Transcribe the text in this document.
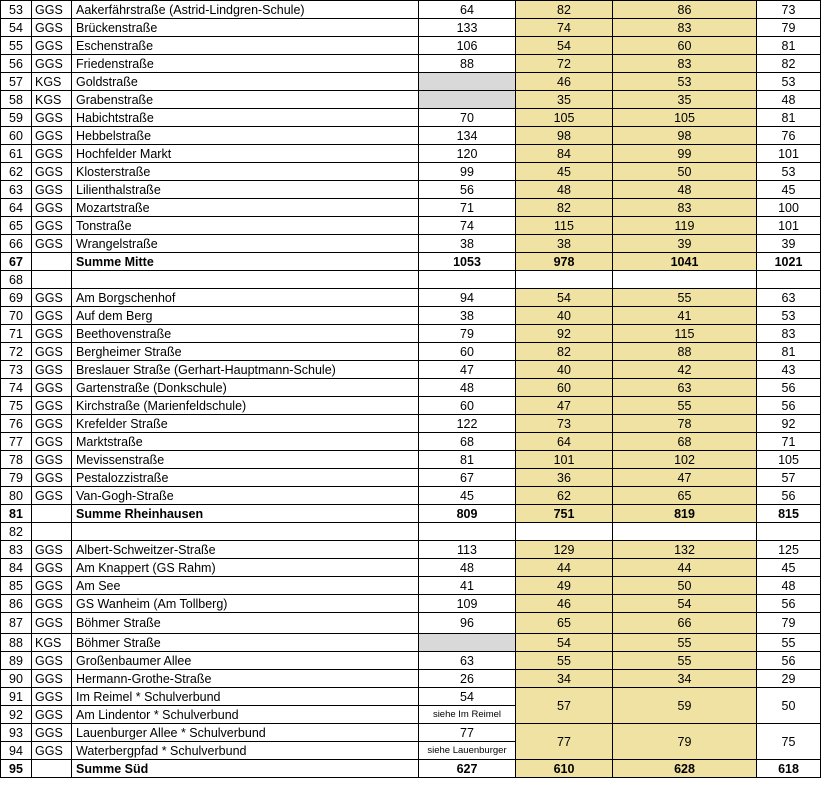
53	GGS	Aakerfährstraße (Astrid-Lindgren-Schule)	64	82	86	73
54	GGS	Brückenstraße	133	74	83	79
55	GGS	Eschenstraße	106	54	60	81
56	GGS	Friedenstraße	88	72	83	82
57	KGS	Goldstraße		46	53	53
58	KGS	Grabenstraße		35	35	48
59	GGS	Habichtstraße	70	105	105	81
60	GGS	Hebbelstraße	134	98	98	76
61	GGS	Hochfelder Markt	120	84	99	101
62	GGS	Klosterstraße	99	45	50	53
63	GGS	Lilienthalstraße	56	48	48	45
64	GGS	Mozartstraße	71	82	83	100
65	GGS	Tonstraße	74	115	119	101
66	GGS	Wrangelstraße	38	38	39	39
67		Summe Mitte	1053	978	1041	1021
68						
69	GGS	Am Borgschenhof	94	54	55	63
70	GGS	Auf dem Berg	38	40	41	53
71	GGS	Beethovenstraße	79	92	115	83
72	GGS	Bergheimer Straße	60	82	88	81
73	GGS	Breslauer Straße (Gerhart-Hauptmann-Schule)	47	40	42	43
74	GGS	Gartenstraße (Donkschule)	48	60	63	56
75	GGS	Kirchstraße (Marienfeldschule)	60	47	55	56
76	GGS	Krefelder Straße	122	73	78	92
77	GGS	Marktstraße	68	64	68	71
78	GGS	Mevissenstraße	81	101	102	105
79	GGS	Pestalozzistraße	67	36	47	57
80	GGS	Van-Gogh-Straße	45	62	65	56
81		Summe Rheinhausen	809	751	819	815
82						
83	GGS	Albert-Schweitzer-Straße	113	129	132	125
84	GGS	Am Knappert (GS Rahm)	48	44	44	45
85	GGS	Am See	41	49	50	48
86	GGS	GS Wanheim (Am Tollberg)	109	46	54	56
87	GGS	Böhmer Straße	96	65	66	79
88	KGS	Böhmer Straße		54	55	55
89	GGS	Großenbaumer Allee	63	55	55	56
90	GGS	Hermann-Grothe-Straße	26	34	34	29
91	GGS	Im Reimel * Schulverbund	54	57	59	50
92	GGS	Am Lindentor * Schulverbund	siehe Im Reimel			
93	GGS	Lauenburger Allee * Schulverbund	77	77	79	75
94	GGS	Waterbergpfad * Schulverbund	siehe Lauenburger			
95		Summe Süd	627	610	628	618
